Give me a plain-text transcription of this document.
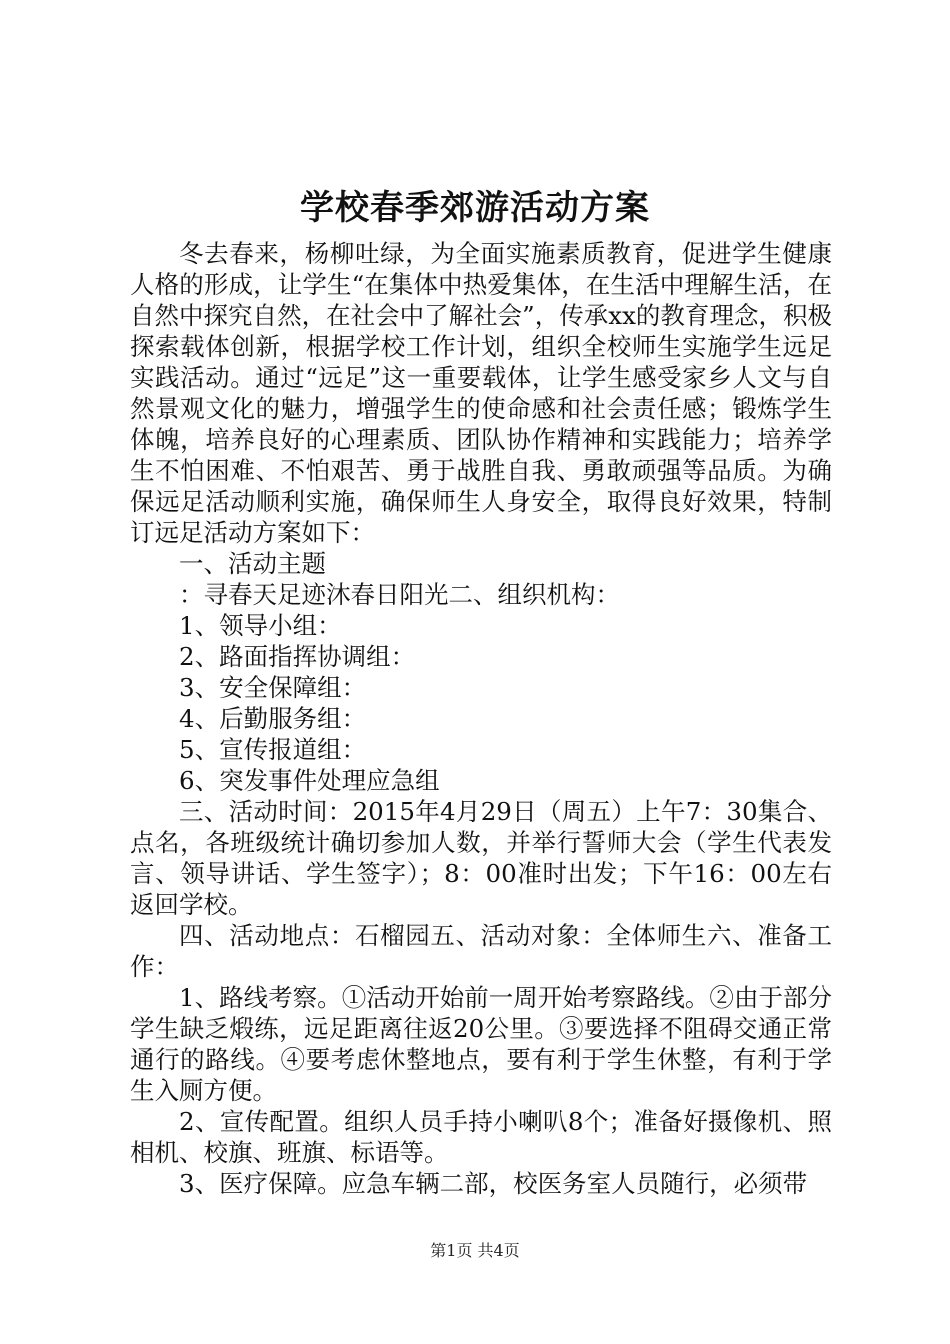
学校春季郊游活动方案

冬去春来，杨柳吐绿，为全面实施素质教育，促进学生健康人格的形成，让学生“在集体中热爱集体，在生活中理解生活，在自然中探究自然，在社会中了解社会”，传承xx的教育理念，积极探索载体创新，根据学校工作计划，组织全校师生实施学生远足实践活动。通过“远足”这一重要载体，让学生感受家乡人文与自然景观文化的魅力，增强学生的使命感和社会责任感；锻炼学生体魄，培养良好的心理素质、团队协作精神和实践能力；培养学生不怕困难、不怕艰苦、勇于战胜自我、勇敢顽强等品质。为确保远足活动顺利实施，确保师生人身安全，取得良好效果，特制订远足活动方案如下：

一、活动主题

：寻春天足迹沐春日阳光二、组织机构：

1、领导小组：

2、路面指挥协调组：

3、安全保障组：

4、后勤服务组：

5、宣传报道组：

6、突发事件处理应急组

三、活动时间：2015年4月29日（周五）上午7：30集合、点名，各班级统计确切参加人数，并举行誓师大会（学生代表发言、领导讲话、学生签字）；8：00准时出发；下午16：00左右返回学校。

四、活动地点：石榴园五、活动对象：全体师生六、准备工作：

1、路线考察。①活动开始前一周开始考察路线。②由于部分学生缺乏煅练，远足距离往返20公里。③要选择不阻碍交通正常通行的路线。④要考虑休整地点，要有利于学生休整，有利于学生入厕方便。

2、宣传配置。组织人员手持小喇叭8个；准备好摄像机、照相机、校旗、班旗、标语等。

3、医疗保障。应急车辆二部，校医务室人员随行，必须带

第1页 共4页
